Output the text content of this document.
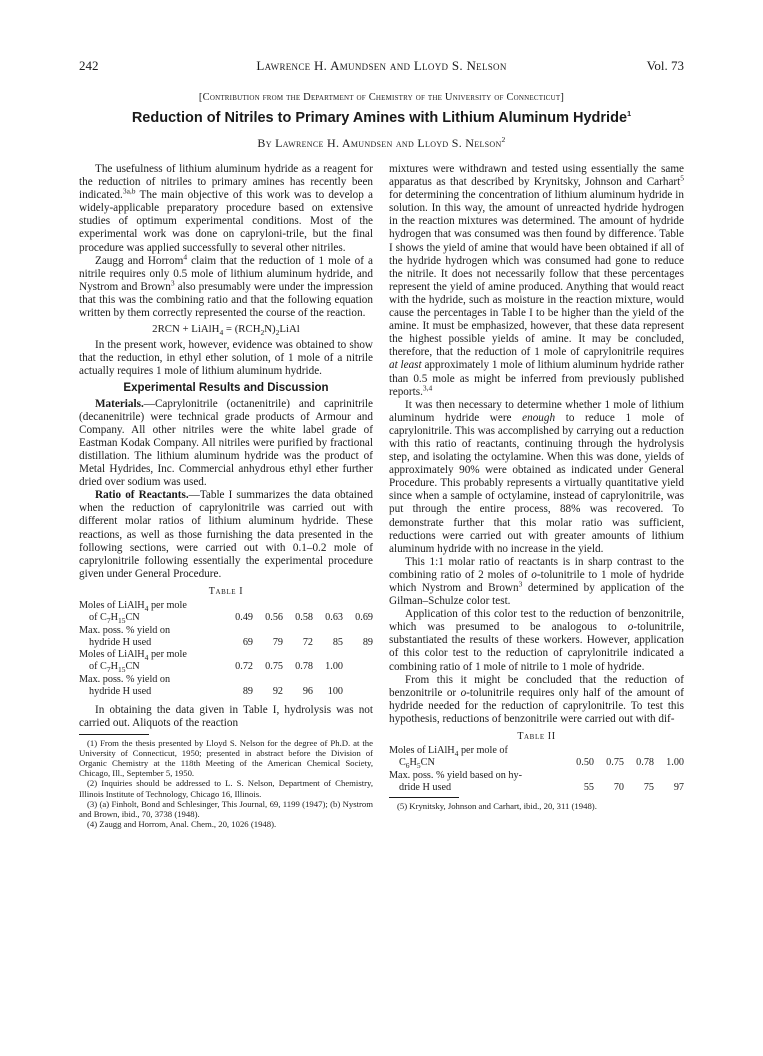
242	Lawrence H. Amundsen and Lloyd S. Nelson	Vol. 73
[Contribution from the Department of Chemistry of the University of Connecticut]
Reduction of Nitriles to Primary Amines with Lithium Aluminum Hydride$^1$
By Lawrence H. Amundsen and Lloyd S. Nelson$^2$

The usefulness of lithium aluminum hydride as a reagent for the reduction of nitriles to primary amines has recently been indicated.$^{3a,b}$ The main objective of this work was to develop a widely-applicable preparatory procedure based on extensive studies of optimum experimental conditions. Most of the experimental work was done on capryloni-trile, but the final procedure was applied successfully to several other nitriles.

Zaugg and Horrom$^4$ claim that the reduction of 1 mole of a nitrile requires only 0.5 mole of lithium aluminum hydride, and Nystrom and Brown$^3$ also presumably were under the impression that this was the combining ratio and that the following equation written by them correctly represented the course of the reaction.

2RCN + LiAlH$_4$ = $(RCH_2N)_2LiAl$

In the present work, however, evidence was obtained to show that the reduction, in ethyl ether solution, of 1 mole of a nitrile actually requires 1 mole of lithium aluminum hydride.

Experimental Results and Discussion

Materials.—Caprylonitrile (octanenitrile) and caprinitrile (decanenitrile) were technical grade products of Armour and Company. All other nitriles were the white label grade of Eastman Kodak Company. All nitriles were purified by fractional distillation. The lithium aluminum hydride was the product of Metal Hydrides, Inc. Commercial anhydrous ethyl ether further dried over sodium was used.

Ratio of Reactants.—Table I summarizes the data obtained when the reduction of caprylonitrile was carried out with different molar ratios of lithium aluminum hydride. These reactions, as well as those furnishing the data presented in the following sections, were carried out with 0.1–0.2 mole of caprylonitrile following essentially the experimental procedure given under General Procedure.

Table I
Moles of LiAlH$_4$ per mole					
of $C_7H_{15}CN$	0.49	0.56	0.58	0.63	0.69
Max. poss. % yield on					
hydride H used	69	79	72	85	89
Moles of LiAlH$_4$ per mole					
of $C_7H_{15}CN$	0.72	0.75	0.78	1.00	
Max. poss. % yield on					
hydride H used	89	92	96	100	

In obtaining the data given in Table I, hydrolysis was not carried out. Aliquots of the reaction

(1) From the thesis presented by Lloyd S. Nelson for the degree of Ph.D. at the University of Connecticut, 1950; presented in abstract before the Division of Organic Chemistry at the 118th Meeting of the American Chemical Society, Chicago, Ill., September 5, 1950.

(2) Inquiries should be addressed to L. S. Nelson, Department of Chemistry, Illinois Institute of Technology, Chicago 16, Illinois.

(3) (a) Finholt, Bond and Schlesinger, This Journal, 69, 1199 (1947); (b) Nystrom and Brown, ibid., 70, 3738 (1948).

(4) Zaugg and Horrom, Anal. Chem., 20, 1026 (1948).

mixtures were withdrawn and tested using essentially the same apparatus as that described by Krynitsky, Johnson and Carhart$^5$ for determining the concentration of lithium aluminum hydride in solution. In this way, the amount of unreacted hydride hydrogen in the reaction mixtures was determined. The amount of hydride hydrogen that was consumed was then found by difference. Table I shows the yield of amine that would have been obtained if all of the hydride hydrogen which was consumed had gone to reduce the nitrile. It does not necessarily follow that these percentages represent the yield of amine produced. Anything that would react with the hydride, such as moisture in the reaction mixture, would cause the percentages in Table I to be higher than the yield of the amine. It must be emphasized, however, that these data represent the highest possible yields of amine. It may be concluded, therefore, that the reduction of 1 mole of caprylonitrile requires at least approximately 1 mole of lithium aluminum hydride rather than 0.5 mole as might be inferred from previously published reports.$^{3,4}$

It was then necessary to determine whether 1 mole of lithium aluminum hydride were enough to reduce 1 mole of caprylonitrile. This was accomplished by carrying out a reduction with this ratio of reactants, continuing through the hydrolysis step, and isolating the octylamine. When this was done, yields of approximately 90% were obtained as indicated under General Procedure. This probably represents a virtually quantitative yield since when a sample of octylamine, instead of caprylonitrile, was put through the entire process, 88% was recovered. To demonstrate further that this molar ratio was sufficient, reductions were carried out with greater amounts of lithium aluminum hydride with no increase in the yield.

This 1:1 molar ratio of reactants is in sharp contrast to the combining ratio of 2 moles of o-tolunitrile to 1 mole of hydride which Nystrom and Brown$^3$ determined by application of the Gilman–Schulze color test.

Application of this color test to the reduction of benzonitrile, which was presumed to be analogous to o-tolunitrile, substantiated the results of these workers. However, application of this color test to the reduction of caprylonitrile indicated a combining ratio of 1 mole of nitrile to 1 mole of hydride.

From this it might be concluded that the reduction of benzonitrile or o-tolunitrile requires only half of the amount of hydride needed for the reduction of caprylonitrile. To test this hypothesis, reductions of benzonitrile were carried out with dif-

Table II
Moles of LiAlH$_4$ per mole of				
$C_6H_5CN$	0.50	0.75	0.78	1.00
Max. poss. % yield based on hy-				
dride H used	55	70	75	97

(5) Krynitsky, Johnson and Carhart, ibid., 20, 311 (1948).
